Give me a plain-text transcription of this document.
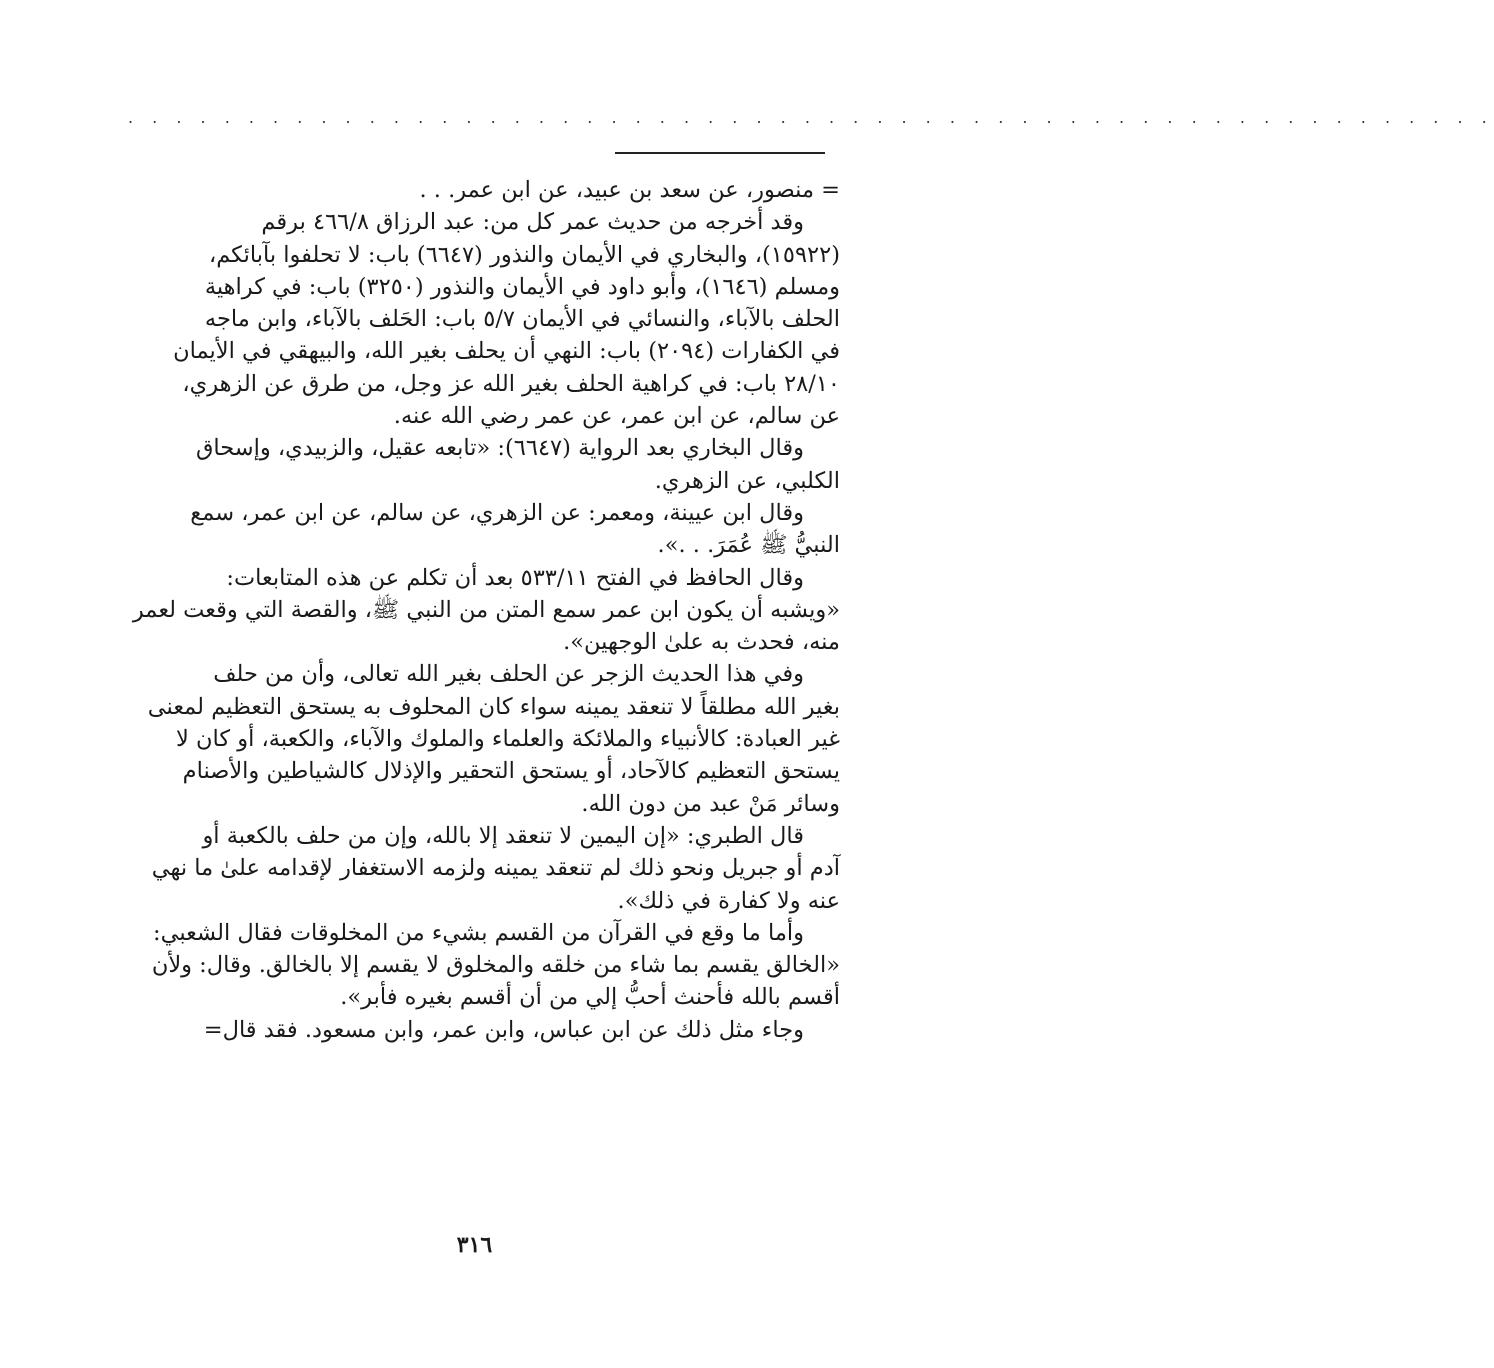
. . . . . . . . . . . . . . . . . . . . . . . . . . . . . . . . . . . . . . . . . . . . . . . . . . . . . . . . .
= منصور، عن سعد بن عبيد، عن ابن عمر. . .
وقد أخرجه من حديث عمر كل من: عبد الرزاق ٤٦٦/٨ برقم
(١٥٩٢٢)، والبخاري في الأيمان والنذور (٦٦٤٧) باب: لا تحلفوا بآبائكم،
ومسلم (١٦٤٦)، وأبو داود في الأيمان والنذور (٣٢٥٠) باب: في كراهية
الحلف بالآباء، والنسائي في الأيمان ٥/٧ باب: الحَلف بالآباء، وابن ماجه
في الكفارات (٢٠٩٤) باب: النهي أن يحلف بغير الله، والبيهقي في الأيمان
٢٨/١٠ باب: في كراهية الحلف بغير الله عز وجل، من طرق عن الزهري،
عن سالم، عن ابن عمر، عن عمر رضي الله عنه.
وقال البخاري بعد الرواية (٦٦٤٧): «تابعه عقيل، والزبيدي، وإسحاق
الكلبي، عن الزهري.
وقال ابن عيينة، ومعمر: عن الزهري، عن سالم، عن ابن عمر، سمع
النبيُّ ﷺ عُمَرَ. . .».
وقال الحافظ في الفتح ٥٣٣/١١ بعد أن تكلم عن هذه المتابعات:
«ويشبه أن يكون ابن عمر سمع المتن من النبي ﷺ، والقصة التي وقعت لعمر
منه، فحدث به علىٰ الوجهين».
وفي هذا الحديث الزجر عن الحلف بغير الله تعالى، وأن من حلف
بغير الله مطلقاً لا تنعقد يمينه سواء كان المحلوف به يستحق التعظيم لمعنى
غير العبادة: كالأنبياء والملائكة والعلماء والملوك والآباء، والكعبة، أو كان لا
يستحق التعظيم كالآحاد، أو يستحق التحقير والإذلال كالشياطين والأصنام
وسائر مَنْ عبد من دون الله.
قال الطبري: «إن اليمين لا تنعقد إلا بالله، وإن من حلف بالكعبة أو
آدم أو جبريل ونحو ذلك لم تنعقد يمينه ولزمه الاستغفار لإقدامه علىٰ ما نهي
عنه ولا كفارة في ذلك».
وأما ما وقع في القرآن من القسم بشيء من المخلوقات فقال الشعبي:
«الخالق يقسم بما شاء من خلقه والمخلوق لا يقسم إلا بالخالق. وقال: ولأن
أقسم بالله فأحنث أحبُّ إلي من أن أقسم بغيره فأبر».
وجاء مثل ذلك عن ابن عباس، وابن عمر، وابن مسعود. فقد قال=
٣١٦
